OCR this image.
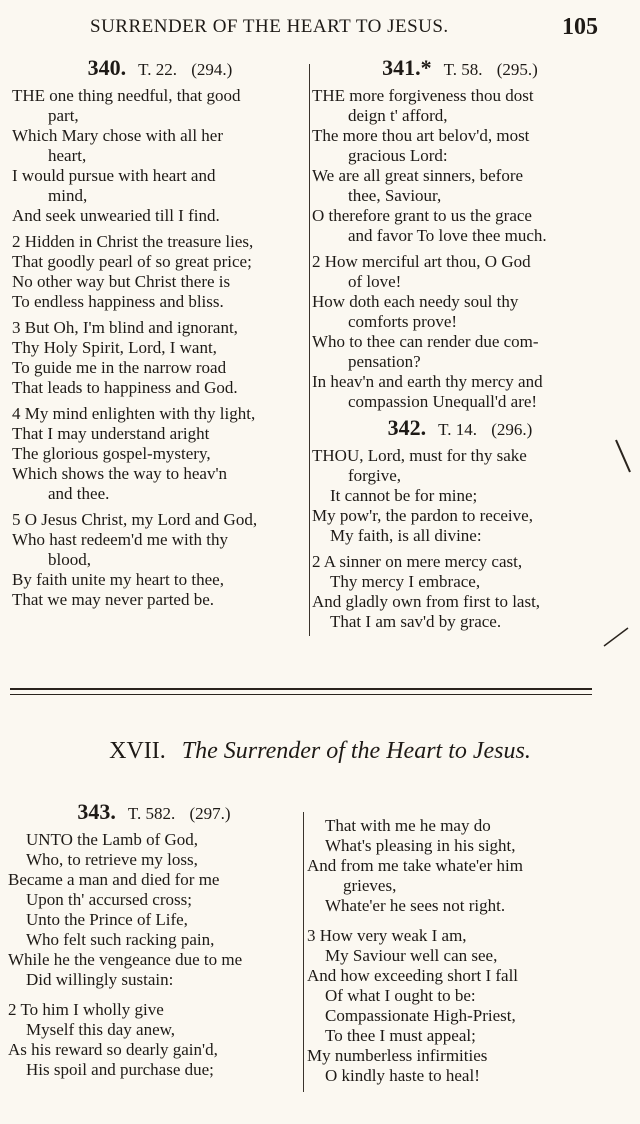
SURRENDER OF THE HEART TO JESUS.	105
340. T. 22. (294.)
THE one thing needful, that good
part,
Which Mary chose with all her
heart,
I would pursue with heart and
mind,
And seek unwearied till I find.
2 Hidden in Christ the treasure lies,
That goodly pearl of so great price;
No other way but Christ there is
To endless happiness and bliss.
3 But Oh, I'm blind and ignorant,
Thy Holy Spirit, Lord, I want,
To guide me in the narrow road
That leads to happiness and God.
4 My mind enlighten with thy light,
That I may understand aright
The glorious gospel-mystery,
Which shows the way to heav'n
and thee.
5 O Jesus Christ, my Lord and God,
Who hast redeem'd me with thy
blood,
By faith unite my heart to thee,
That we may never parted be.
341.* T. 58. (295.)
THE more forgiveness thou dost
deign t' afford,
The more thou art belov'd, most
gracious Lord:
We are all great sinners, before
thee, Saviour,
O therefore grant to us the grace
and favor To love thee much.
2 How merciful art thou, O God
of love!
How doth each needy soul thy
comforts prove!
Who to thee can render due com-
pensation?
In heav'n and earth thy mercy and
compassion Unequall'd are!
342. T. 14. (296.)
THOU, Lord, must for thy sake
forgive,
It cannot be for mine;
My pow'r, the pardon to receive,
My faith, is all divine:
2 A sinner on mere mercy cast,
Thy mercy I embrace,
And gladly own from first to last,
That I am sav'd by grace.
XVII. The Surrender of the Heart to Jesus.
343. T. 582. (297.)
UNTO the Lamb of God,
Who, to retrieve my loss,
Became a man and died for me
Upon th' accursed cross;
Unto the Prince of Life,
Who felt such racking pain,
While he the vengeance due to me
Did willingly sustain:
2 To him I wholly give
Myself this day anew,
As his reward so dearly gain'd,
His spoil and purchase due;
That with me he may do
What's pleasing in his sight,
And from me take whate'er him
grieves,
Whate'er he sees not right.
3 How very weak I am,
My Saviour well can see,
And how exceeding short I fall
Of what I ought to be:
Compassionate High-Priest,
To thee I must appeal;
My numberless infirmities
O kindly haste to heal!
